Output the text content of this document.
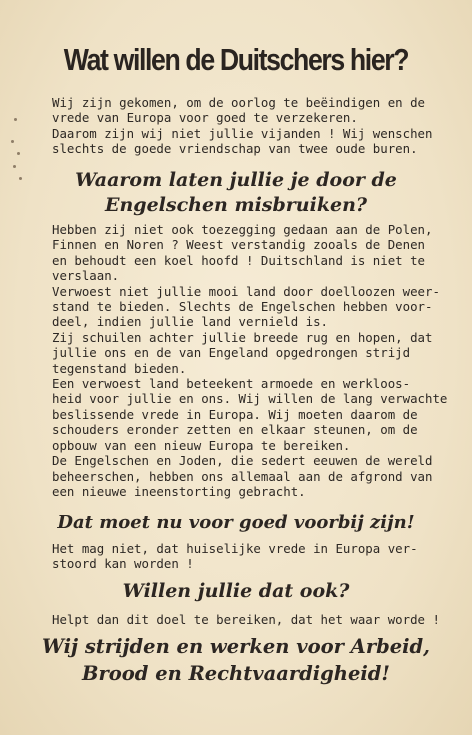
Wat willen de Duitschers hier?
Wij zijn gekomen, om de oorlog te beëindigen en de
vrede van Europa voor goed te verzekeren.
Daarom zijn wij niet jullie vijanden ! Wij wenschen
slechts de goede vriendschap van twee oude buren.
Waarom laten jullie je door de
Engelschen misbruiken?
Hebben zij niet ook toezegging gedaan aan de Polen,
Finnen en Noren ? Weest verstandig zooals de Denen
en behoudt een koel hoofd ! Duitschland is niet te
verslaan.
Verwoest niet jullie mooi land door doelloozen weer-
stand te bieden. Slechts de Engelschen hebben voor-
deel, indien jullie land vernield is.
Zij schuilen achter jullie breede rug en hopen, dat
jullie ons en de van Engeland opgedrongen strijd
tegenstand bieden.
Een verwoest land beteekent armoede en werkloos-
heid voor jullie en ons. Wij willen de lang verwachte
beslissende vrede in Europa. Wij moeten daarom de
schouders eronder zetten en elkaar steunen, om de
opbouw van een nieuw Europa te bereiken.
De Engelschen en Joden, die sedert eeuwen de wereld
beheerschen, hebben ons allemaal aan de afgrond van
een nieuwe ineenstorting gebracht.
Dat moet nu voor goed voorbij zijn!
Het mag niet, dat huiselijke vrede in Europa ver-
stoord kan worden !
Willen jullie dat ook?
Helpt dan dit doel te bereiken, dat het waar worde !
Wij strijden en werken voor Arbeid,
Brood en Rechtvaardigheid!
